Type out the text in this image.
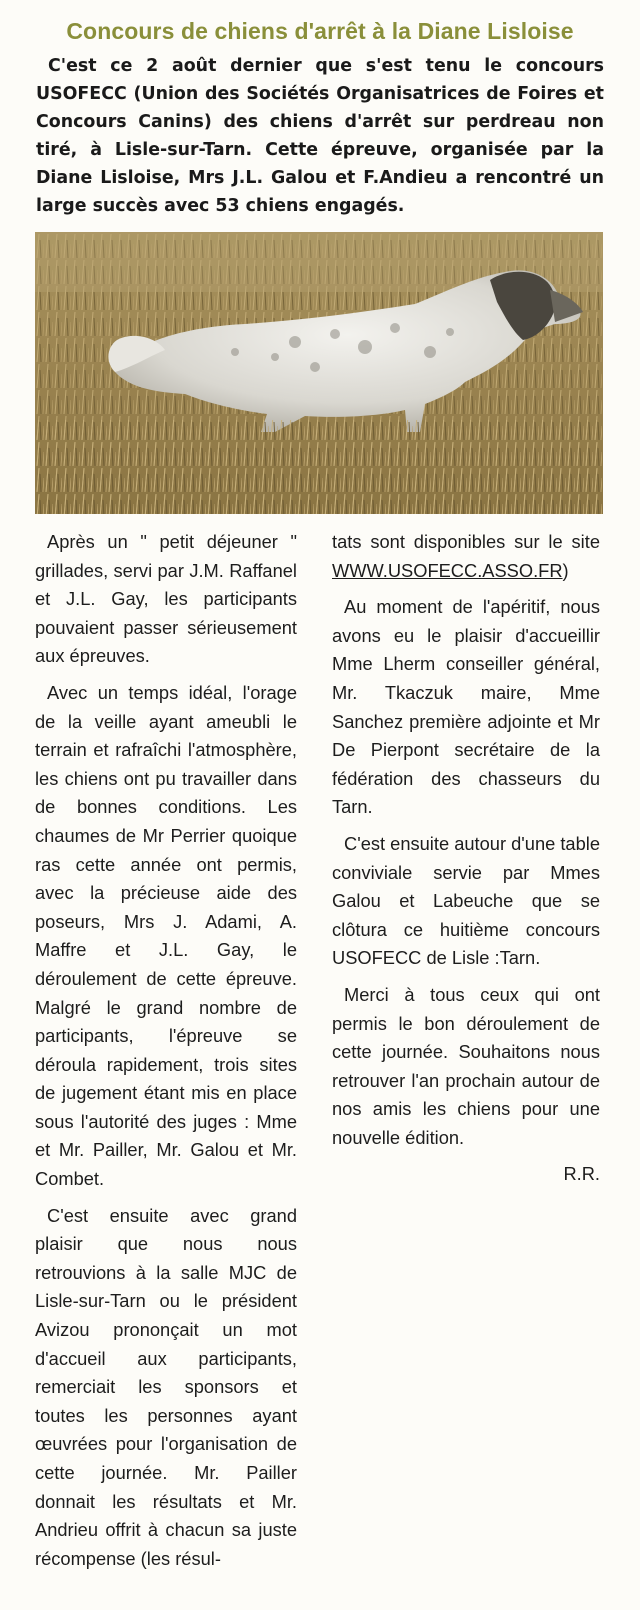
Concours de chiens d'arrêt à la Diane Lisloise
C'est ce 2 août dernier que s'est tenu le concours USOFECC (Union des Sociétés Organisatrices de Foires et Concours Canins) des chiens d'arrêt sur perdreau non tiré, à Lisle-sur-Tarn. Cette épreuve, organisée par la Diane Lisloise, Mrs J.L. Galou et F.Andieu a rencontré un large succès avec 53 chiens engagés.

Après un " petit déjeuner " grillades, servi par J.M. Raffanel et J.L. Gay, les participants pouvaient passer sérieusement aux épreuves.

Avec un temps idéal, l'orage de la veille ayant ameubli le terrain et rafraîchi l'atmosphère, les chiens ont pu travailler dans de bonnes conditions. Les chaumes de Mr Perrier quoique ras cette année ont permis, avec la précieuse aide des poseurs, Mrs J. Adami, A. Maffre et J.L. Gay, le déroulement de cette épreuve. Malgré le grand nombre de participants, l'épreuve se déroula rapidement, trois sites de jugement étant mis en place sous l'autorité des juges : Mme et Mr. Pailler, Mr. Galou et Mr. Combet.

C'est ensuite avec grand plaisir que nous nous retrouvions à la salle MJC de Lisle-sur-Tarn ou le président Avizou prononçait un mot d'accueil aux participants, remerciait les sponsors et toutes les personnes ayant œuvrées pour l'organisation de cette journée. Mr. Pailler donnait les résultats et Mr. Andrieu offrit à chacun sa juste récompense (les résul-

tats sont disponibles sur le site WWW.USOFECC.ASSO.FR)

Au moment de l'apéritif, nous avons eu le plaisir d'accueillir Mme Lherm conseiller général, Mr. Tkaczuk maire, Mme Sanchez première adjointe et Mr De Pierpont secrétaire de la fédération des chasseurs du Tarn.

C'est ensuite autour d'une table conviviale servie par Mmes Galou et Labeuche que se clôtura ce huitième concours USOFECC de Lisle :Tarn.

Merci à tous ceux qui ont permis le bon déroulement de cette journée. Souhaitons nous retrouver l'an prochain autour de nos amis les chiens pour une nouvelle édition.

R.R.
